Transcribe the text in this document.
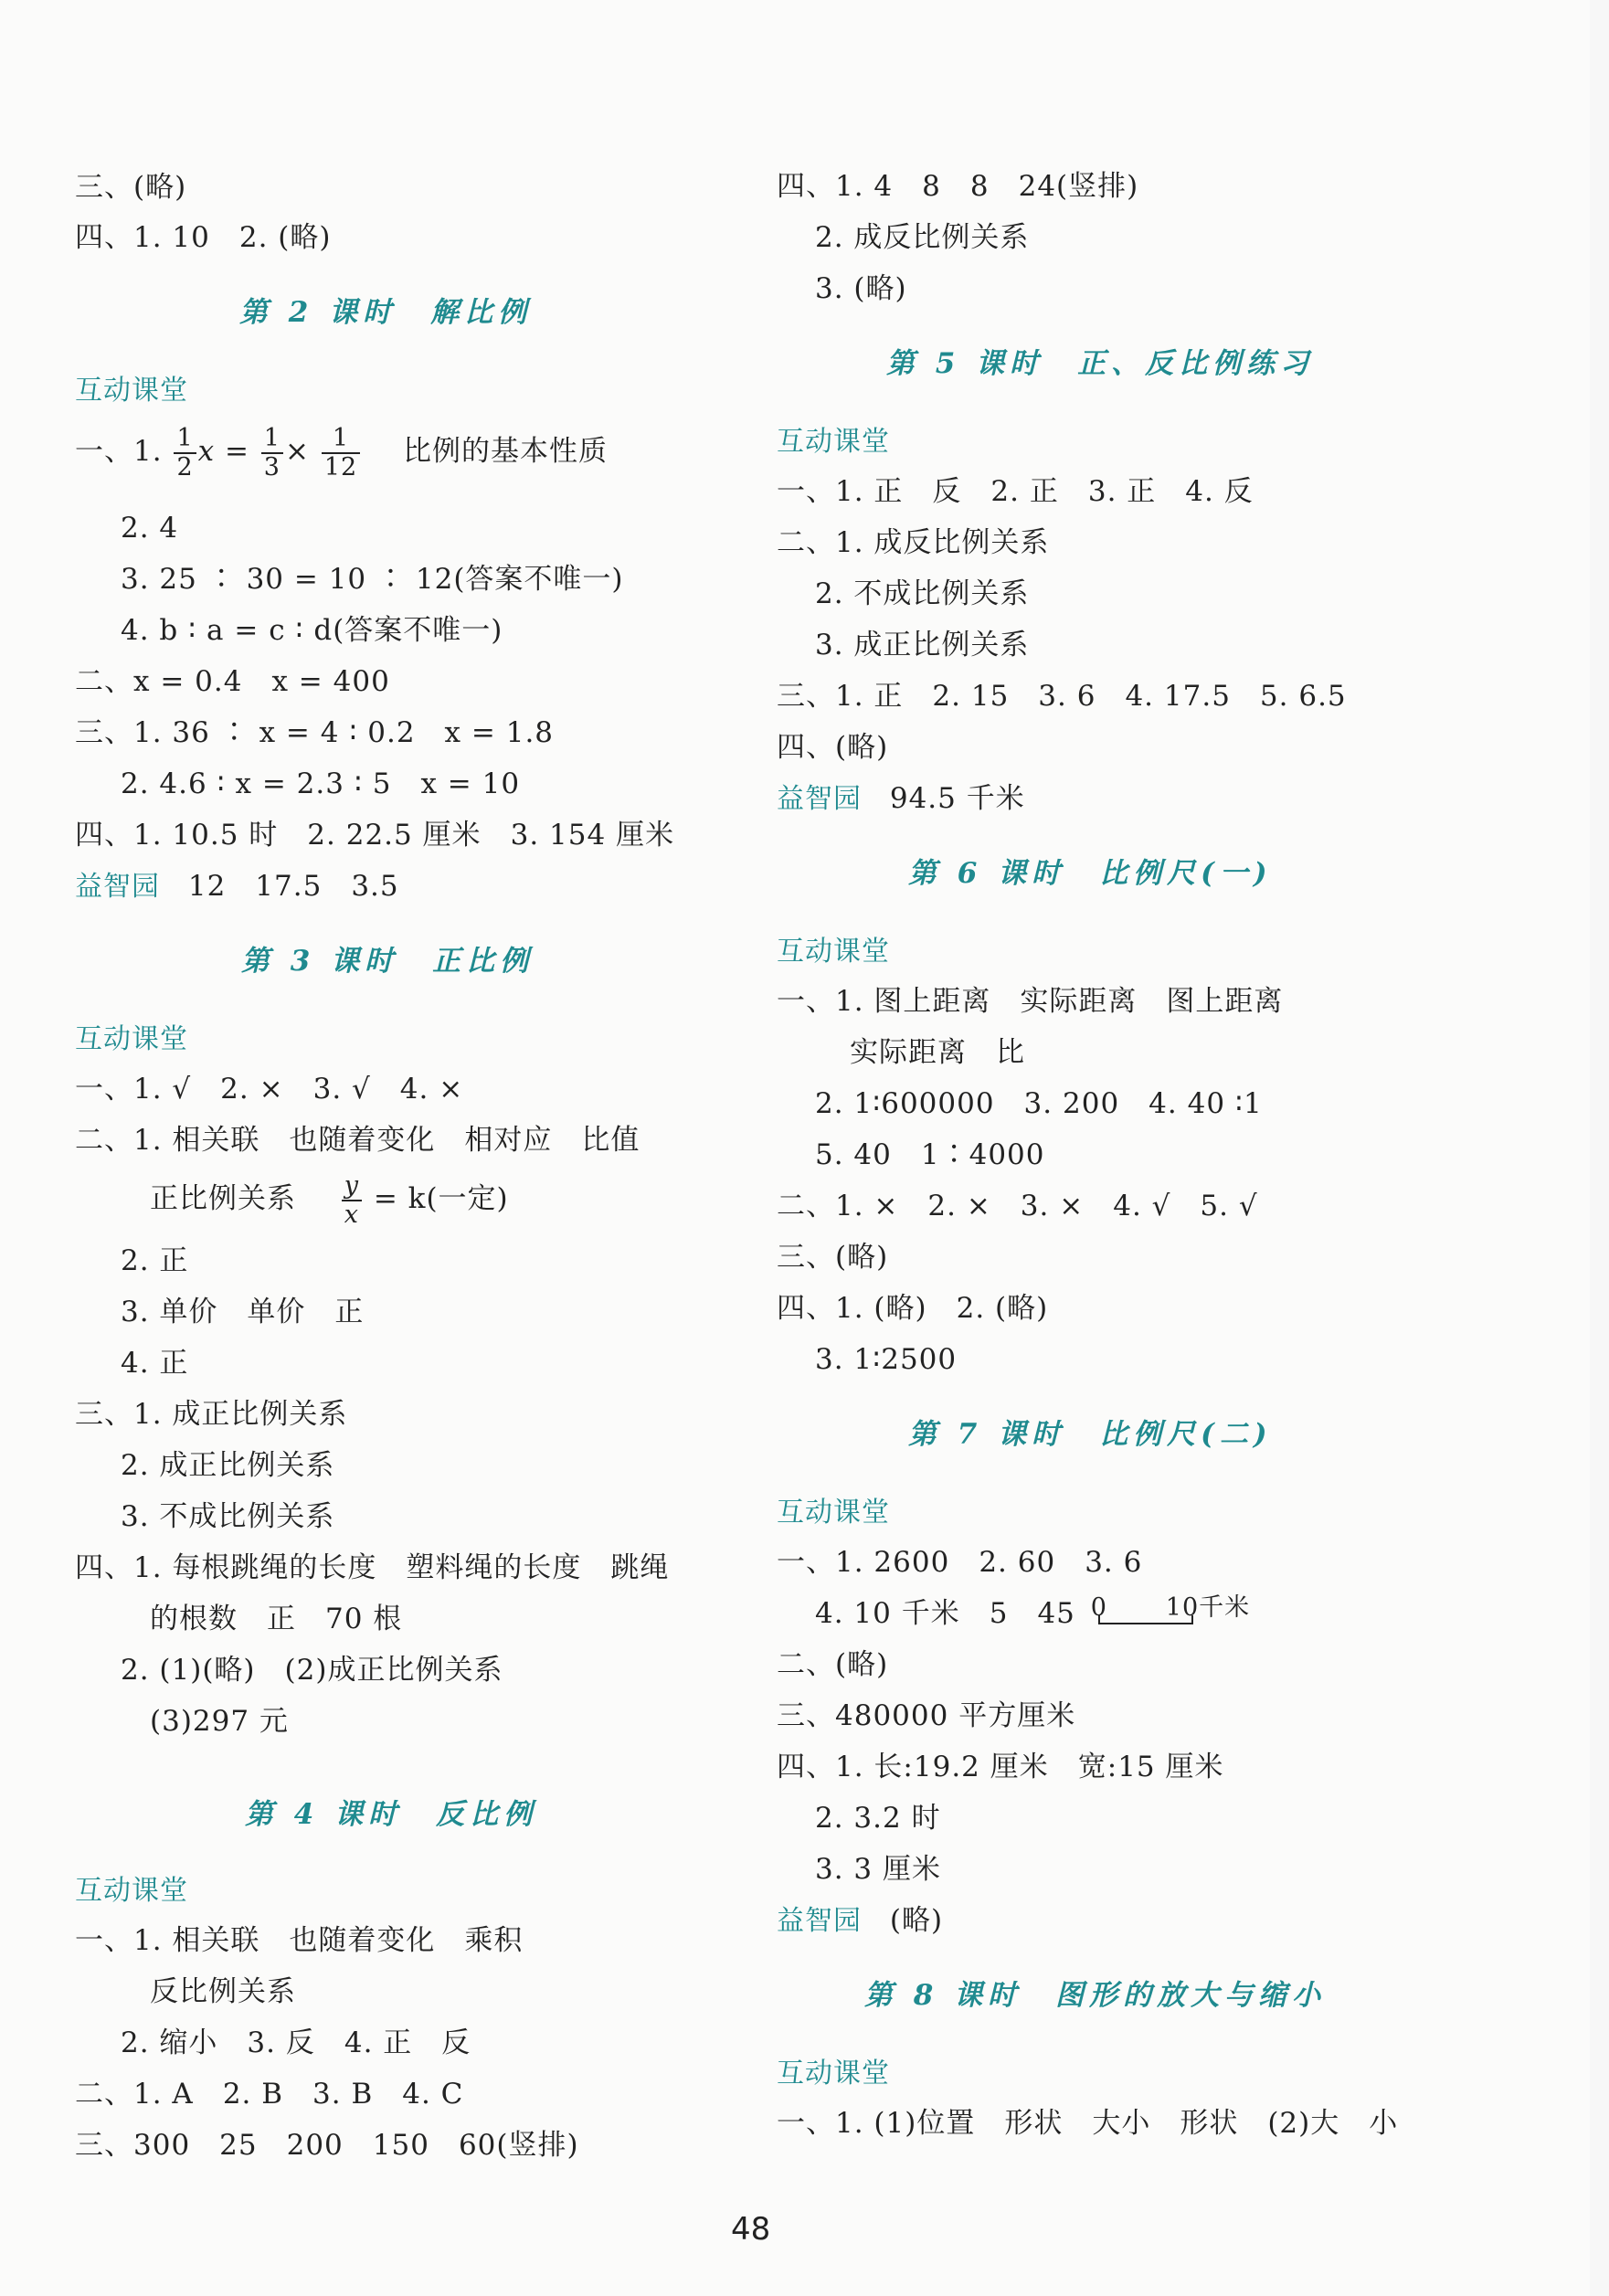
三、(略)
四、1. 10　2. (略)
第 2 课时　解比例
互动课堂
一、1. $\frac{1}{2}$ $x = \frac{1}{3} \times \frac{1}{12}$ 比例的基本性质
2. 4
3. 25 ∶ 30 = 10 ∶ 12(答案不唯一)
4. b ∶ a = c ∶ d(答案不唯一)
二、x = 0.4　x = 400
三、1. 36 ∶ x = 4 ∶ 0.2　x = 1.8
2. 4.6 ∶ x = 2.3 ∶ 5　x = 10
四、1. 10.5 时　2. 22.5 厘米　3. 154 厘米
益智园 12　17.5　3.5
第 3 课时　正比例
互动课堂
一、1. √　2. ×　3. √　4. ×
二、1. 相关联　也随着变化　相对应　比值
正比例关系 $\frac{y}{x} = k$(一定)
2. 正
3. 单价　单价　正
4. 正
三、1. 成正比例关系
2. 成正比例关系
3. 不成比例关系
四、1. 每根跳绳的长度　塑料绳的长度　跳绳
的根数　正　70 根
2. (1)(略)　(2)成正比例关系
(3)297 元
第 4 课时　反比例
互动课堂
一、1. 相关联　也随着变化　乘积
反比例关系
2. 缩小　3. 反　4. 正　反
二、1. A　2. B　3. B　4. C
三、300　25　200　150　60(竖排)
四、1. 4　8　8　24(竖排)
2. 成反比例关系
3. (略)
第 5 课时　正、反比例练习
互动课堂
一、1. 正　反　2. 正　3. 正　4. 反
二、1. 成反比例关系
2. 不成比例关系
3. 成正比例关系
三、1. 正　2. 15　3. 6　4. 17.5　5. 6.5
四、(略)
益智园 94.5 千米
第 6 课时　比例尺(一)
互动课堂
一、1. 图上距离　实际距离　图上距离
实际距离　比
2. 1∶600000　3. 200　4. 40 ∶1
5. 40　1∶4000
二、1. ×　2. ×　3. ×　4. √　5. √
三、(略)
四、1. (略)　2. (略)
3. 1∶2500
第 7 课时　比例尺(二)
互动课堂
一、1. 2600　2. 60　3. 6
4. 10 千米　5　45 0 10千米
二、(略)
三、480000 平方厘米
四、1. 长:19.2 厘米　宽:15 厘米
2. 3.2 时
3. 3 厘米
益智园 (略)
第 8 课时　图形的放大与缩小
互动课堂
一、1. (1)位置　形状　大小　形状　(2)大　小
48
